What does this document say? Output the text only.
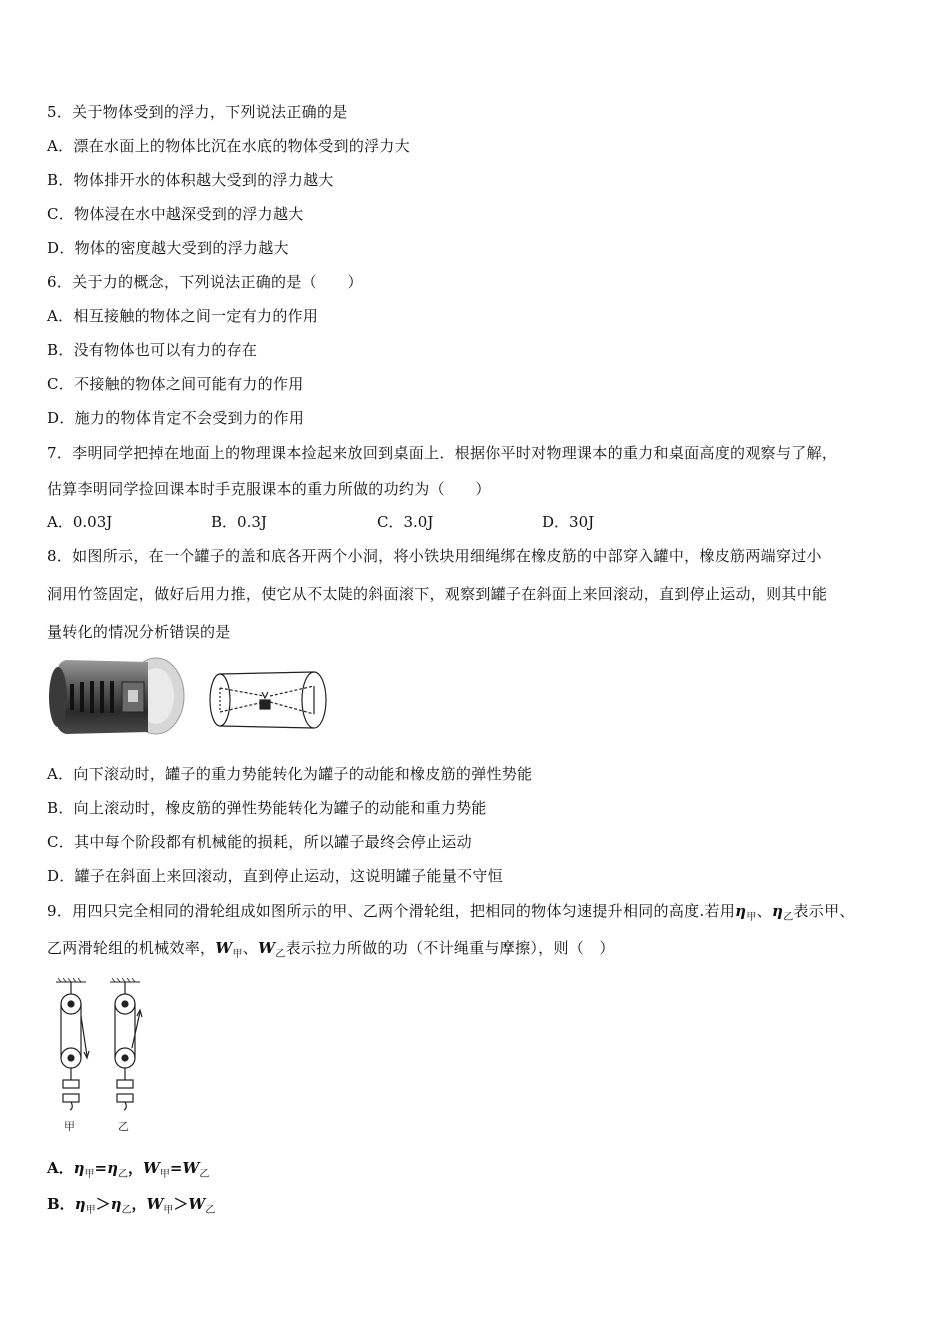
5．关于物体受到的浮力，下列说法正确的是
A．漂在水面上的物体比沉在水底的物体受到的浮力大
B．物体排开水的体积越大受到的浮力越大
C．物体浸在水中越深受到的浮力越大
D．物体的密度越大受到的浮力越大
6．关于力的概念，下列说法正确的是（　　）
A．相互接触的物体之间一定有力的作用
B．没有物体也可以有力的存在
C．不接触的物体之间可能有力的作用
D．施力的物体肯定不会受到力的作用
7．李明同学把掉在地面上的物理课本捡起来放回到桌面上．根据你平时对物理课本的重力和桌面高度的观察与了解，
估算李明同学捡回课本时手克服课本的重力所做的功约为（　　）
A．0.03J	B．0.3J	C．3.0J	D．30J
8．如图所示，在一个罐子的盖和底各开两个小洞，将小铁块用细绳绑在橡皮筋的中部穿入罐中，橡皮筋两端穿过小
洞用竹签固定，做好后用力推，使它从不太陡的斜面滚下，观察到罐子在斜面上来回滚动，直到停止运动，则其中能
量转化的情况分析错误的是
A．向下滚动时，罐子的重力势能转化为罐子的动能和橡皮筋的弹性势能
B．向上滚动时，橡皮筋的弹性势能转化为罐子的动能和重力势能
C．其中每个阶段都有机械能的损耗，所以罐子最终会停止运动
D．罐子在斜面上来回滚动，直到停止运动，这说明罐子能量不守恒
9．用四只完全相同的滑轮组成如图所示的甲、乙两个滑轮组，把相同的物体匀速提升相同的高度.若用$\eta_甲$、$\eta_乙$表示甲、
乙两滑轮组的机械效率，$W_甲$、$W_乙$表示拉力所做的功（不计绳重与摩擦），则（　）
甲	乙
A．$\eta_甲=\eta_乙$，$W_甲=W_乙$
B．$\eta_甲>\eta_乙$，$W_甲>W_乙$
